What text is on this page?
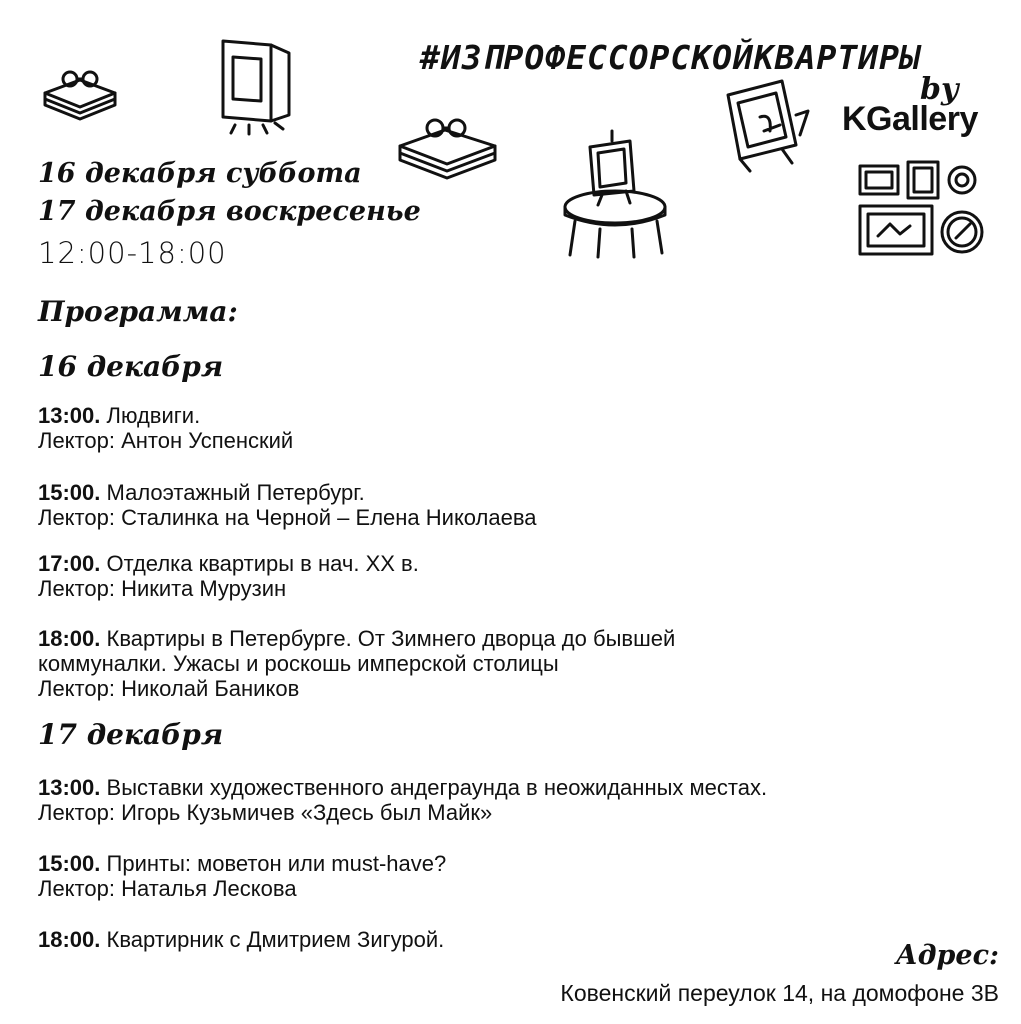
#ИЗПРОФЕССОРСКОЙКВАРТИРЫ
by
KGallery
16 декабря суббота
17 декабря воскресенье
12:00-18:00
Программа:
16 декабря
13:00. Людвиги.
Лектор: Антон Успенский
15:00. Малоэтажный Петербург.
Лектор: Сталинка на Черной – Елена Николаева
17:00. Отделка квартиры в нач. XX в.
Лектор: Никита Мурузин
18:00. Квартиры в Петербурге. От Зимнего дворца до бывшей
коммуналки. Ужасы и роскошь имперской столицы
Лектор: Николай Баников
17 декабря
13:00. Выставки художественного андеграунда в неожиданных местах.
Лектор: Игорь Кузьмичев «Здесь был Майк»
15:00. Принты: моветон или must-have?
Лектор: Наталья Лескова
18:00. Квартирник с Дмитрием Зигурой.
Адрес:
Ковенский переулок 14, на домофоне 3В
